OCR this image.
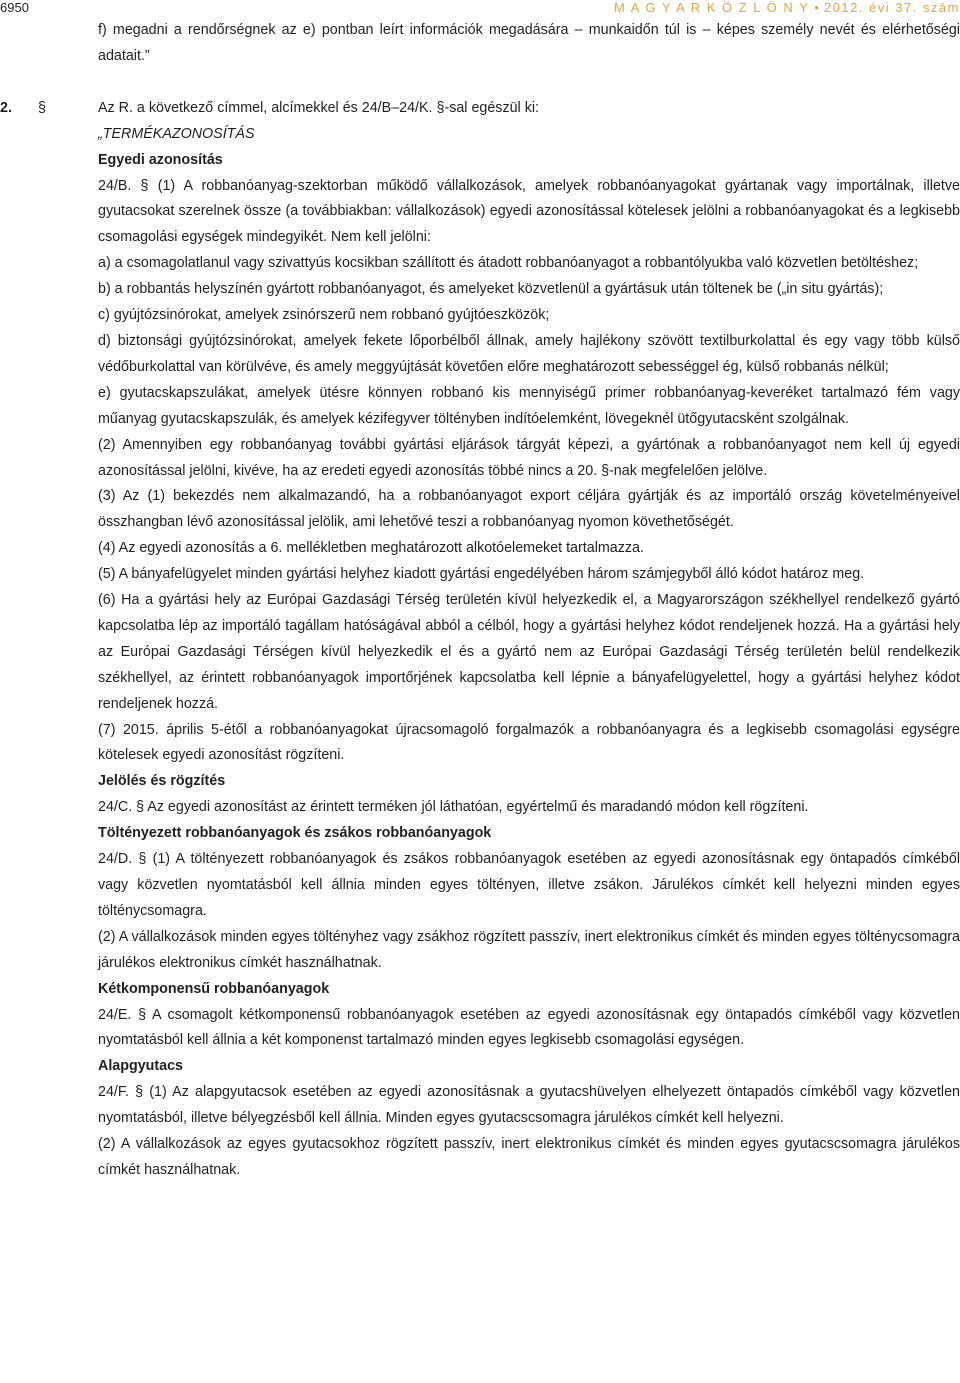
6950	M A G Y A R K Ö Z L Ö N Y • 2012. évi 37. szám

f) megadni a rendőrségnek az e) pontban leírt információk megadására – munkaidőn túl is – képes személy nevét és elérhetőségi adatait.”

2. §	Az R. a következő címmel, alcímekkel és 24/B–24/K. §-sal egészül ki:

„TERMÉKAZONOSÍTÁS

Egyedi azonosítás

24/B. § (1) A robbanóanyag-szektorban működő vállalkozások, amelyek robbanóanyagokat gyártanak vagy importálnak, illetve gyutacsokat szerelnek össze (a továbbiakban: vállalkozások) egyedi azonosítással kötelesek jelölni a robbanóanyagokat és a legkisebb csomagolási egységek mindegyikét. Nem kell jelölni:

a) a csomagolatlanul vagy szivattyús kocsikban szállított és átadott robbanóanyagot a robbantólyukba való közvetlen betöltéshez;

b) a robbantás helyszínén gyártott robbanóanyagot, és amelyeket közvetlenül a gyártásuk után töltenek be („in situ gyártás);

c) gyújtózsinórokat, amelyek zsinórszerű nem robbanó gyújtóeszközök;

d) biztonsági gyújtózsinórokat, amelyek fekete lőporbélből állnak, amely hajlékony szövött textilburkolattal és egy vagy több külső védőburkolattal van körülvéve, és amely meggyújtását követően előre meghatározott sebességgel ég, külső robbanás nélkül;

e) gyutacskapszulákat, amelyek ütésre könnyen robbanó kis mennyiségű primer robbanóanyag-keveréket tartalmazó fém vagy műanyag gyutacskapszulák, és amelyek kézifegyver töltényben indítóelemként, lövegeknél ütőgyutacsként szolgálnak.

(2) Amennyiben egy robbanóanyag további gyártási eljárások tárgyát képezi, a gyártónak a robbanóanyagot nem kell új egyedi azonosítással jelölni, kivéve, ha az eredeti egyedi azonosítás többé nincs a 20. §-nak megfelelően jelölve.

(3) Az (1) bekezdés nem alkalmazandó, ha a robbanóanyagot export céljára gyártják és az importáló ország követelményeivel összhangban lévő azonosítással jelölik, ami lehetővé teszi a robbanóanyag nyomon követhetőségét.

(4) Az egyedi azonosítás a 6. mellékletben meghatározott alkotóelemeket tartalmazza.

(5) A bányafelügyelet minden gyártási helyhez kiadott gyártási engedélyében három számjegyből álló kódot határoz meg.

(6) Ha a gyártási hely az Európai Gazdasági Térség területén kívül helyezkedik el, a Magyarországon székhellyel rendelkező gyártó kapcsolatba lép az importáló tagállam hatóságával abból a célból, hogy a gyártási helyhez kódot rendeljenek hozzá. Ha a gyártási hely az Európai Gazdasági Térségen kívül helyezkedik el és a gyártó nem az Európai Gazdasági Térség területén belül rendelkezik székhellyel, az érintett robbanóanyagok importőrjének kapcsolatba kell lépnie a bányafelügyelettel, hogy a gyártási helyhez kódot rendeljenek hozzá.

(7) 2015. április 5-étől a robbanóanyagokat újracsomagoló forgalmazók a robbanóanyagra és a legkisebb csomagolási egységre kötelesek egyedi azonosítást rögzíteni.

Jelölés és rögzítés

24/C. § Az egyedi azonosítást az érintett terméken jól láthatóan, egyértelmű és maradandó módon kell rögzíteni.

Töltényezett robbanóanyagok és zsákos robbanóanyagok

24/D. § (1) A töltényezett robbanóanyagok és zsákos robbanóanyagok esetében az egyedi azonosításnak egy öntapadós címkéből vagy közvetlen nyomtatásból kell állnia minden egyes töltényen, illetve zsákon. Járulékos címkét kell helyezni minden egyes tölténycsomagra.

(2) A vállalkozások minden egyes töltényhez vagy zsákhoz rögzített passzív, inert elektronikus címkét és minden egyes tölténycsomagra járulékos elektronikus címkét használhatnak.

Kétkomponensű robbanóanyagok

24/E. § A csomagolt kétkomponensű robbanóanyagok esetében az egyedi azonosításnak egy öntapadós címkéből vagy közvetlen nyomtatásból kell állnia a két komponenst tartalmazó minden egyes legkisebb csomagolási egységen.

Alapgyutacs

24/F. § (1) Az alapgyutacsok esetében az egyedi azonosításnak a gyutacshüvelyen elhelyezett öntapadós címkéből vagy közvetlen nyomtatásból, illetve bélyegzésből kell állnia. Minden egyes gyutacscsomagra járulékos címkét kell helyezni.

(2) A vállalkozások az egyes gyutacsokhoz rögzített passzív, inert elektronikus címkét és minden egyes gyutacscsomagra járulékos címkét használhatnak.
